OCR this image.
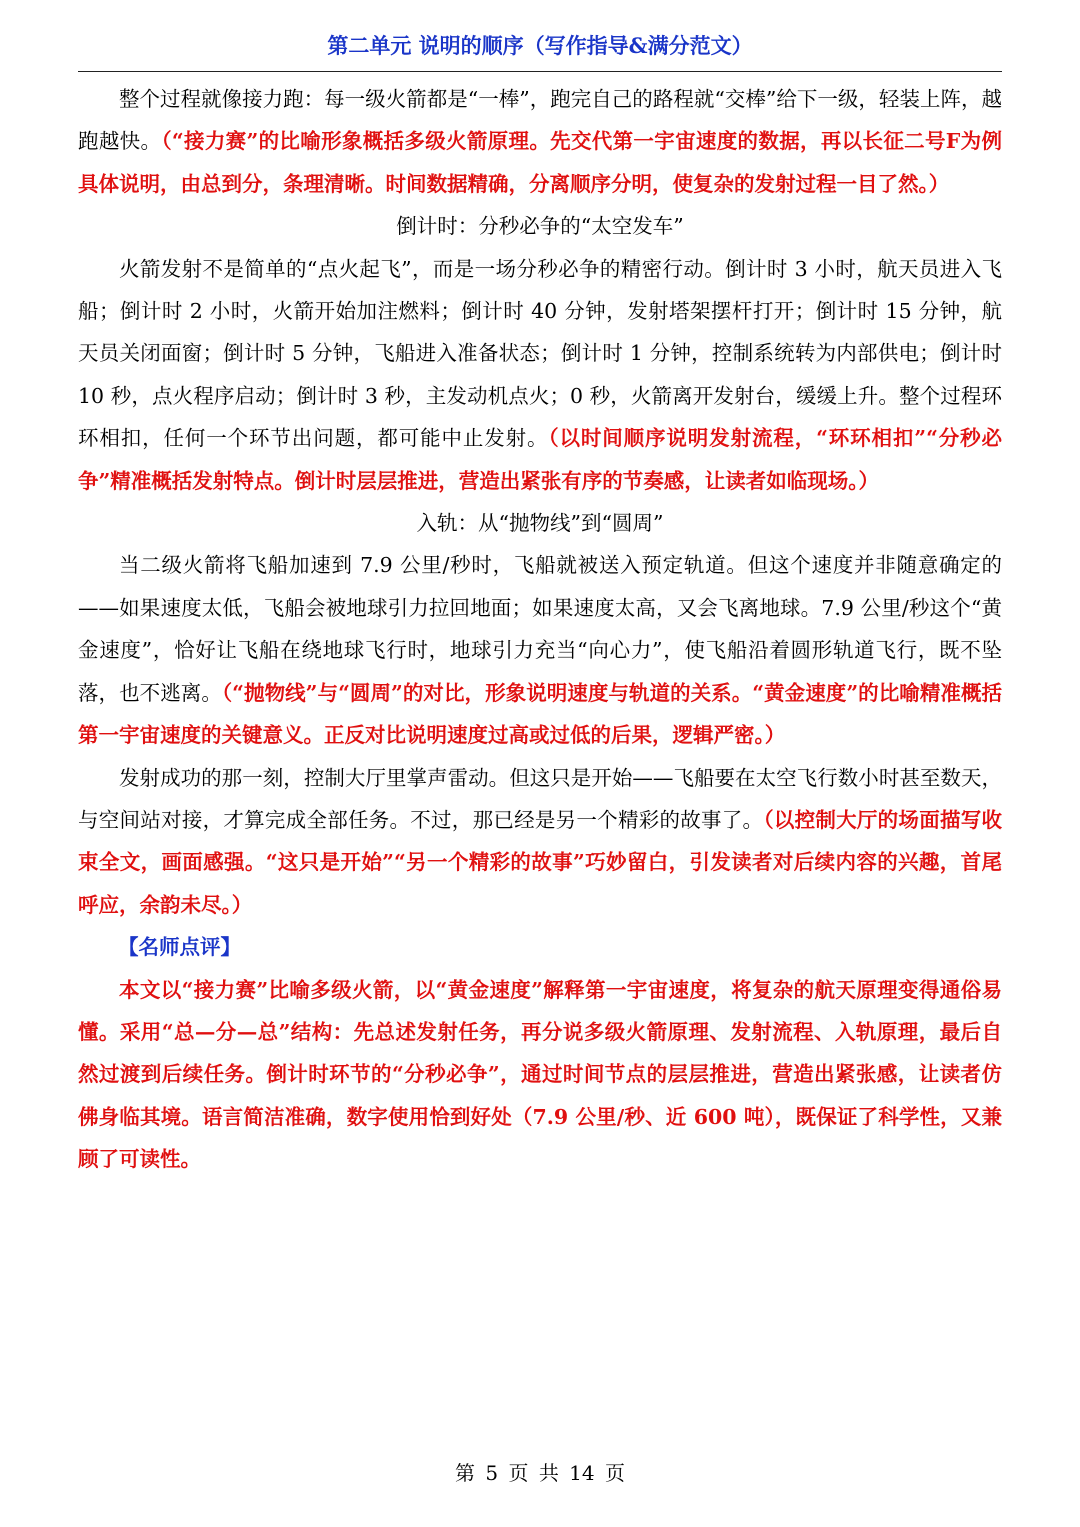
第二单元 说明的顺序（写作指导&满分范文）

整个过程就像接力跑：每一级火箭都是“一棒”，跑完自己的路程就“交棒”给下一级，轻装上阵，越跑越快。（“接力赛”的比喻形象概括多级火箭原理。先交代第一宇宙速度的数据，再以长征二号F为例具体说明，由总到分，条理清晰。时间数据精确，分离顺序分明，使复杂的发射过程一目了然。）

倒计时：分秒必争的“太空发车”

火箭发射不是简单的“点火起飞”，而是一场分秒必争的精密行动。倒计时 3 小时，航天员进入飞船；倒计时 2 小时，火箭开始加注燃料；倒计时 40 分钟，发射塔架摆杆打开；倒计时 15 分钟，航天员关闭面窗；倒计时 5 分钟，飞船进入准备状态；倒计时 1 分钟，控制系统转为内部供电；倒计时 10 秒，点火程序启动；倒计时 3 秒，主发动机点火；0 秒，火箭离开发射台，缓缓上升。整个过程环环相扣，任何一个环节出问题，都可能中止发射。（以时间顺序说明发射流程，“环环相扣”“分秒必争”精准概括发射特点。倒计时层层推进，营造出紧张有序的节奏感，让读者如临现场。）

入轨：从“抛物线”到“圆周”

当二级火箭将飞船加速到 7.9 公里/秒时，飞船就被送入预定轨道。但这个速度并非随意确定的——如果速度太低，飞船会被地球引力拉回地面；如果速度太高，又会飞离地球。7.9 公里/秒这个“黄金速度”，恰好让飞船在绕地球飞行时，地球引力充当“向心力”，使飞船沿着圆形轨道飞行，既不坠落，也不逃离。（“抛物线”与“圆周”的对比，形象说明速度与轨道的关系。“黄金速度”的比喻精准概括第一宇宙速度的关键意义。正反对比说明速度过高或过低的后果，逻辑严密。）

发射成功的那一刻，控制大厅里掌声雷动。但这只是开始——飞船要在太空飞行数小时甚至数天，与空间站对接，才算完成全部任务。不过，那已经是另一个精彩的故事了。（以控制大厅的场面描写收束全文，画面感强。“这只是开始”“另一个精彩的故事”巧妙留白，引发读者对后续内容的兴趣，首尾呼应，余韵未尽。）

【名师点评】

本文以“接力赛”比喻多级火箭，以“黄金速度”解释第一宇宙速度，将复杂的航天原理变得通俗易懂。采用“总—分—总”结构：先总述发射任务，再分说多级火箭原理、发射流程、入轨原理，最后自然过渡到后续任务。倒计时环节的“分秒必争”，通过时间节点的层层推进，营造出紧张感，让读者仿佛身临其境。语言简洁准确，数字使用恰到好处（7.9 公里/秒、近 600 吨），既保证了科学性，又兼顾了可读性。

第 5 页 共 14 页
